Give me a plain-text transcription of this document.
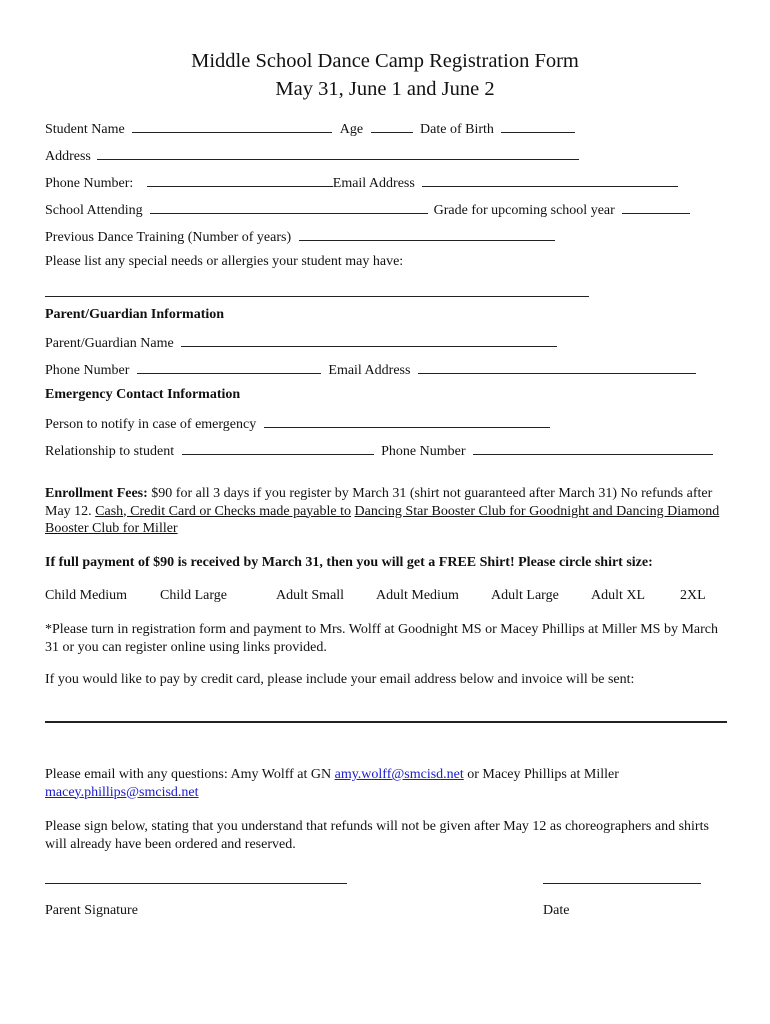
Middle School Dance Camp Registration Form
May 31, June 1 and June 2
Student Name	Age	Date of Birth
Address
Phone Number:	Email Address
School Attending	Grade for upcoming school year
Previous Dance Training (Number of years)
Please list any special needs or allergies your student may have:
Parent/Guardian Information
Parent/Guardian Name
Phone Number	Email Address
Emergency Contact Information
Person to notify in case of emergency
Relationship to student	Phone Number
Enrollment Fees: $90 for all 3 days if you register by March 31 (shirt not guaranteed after March 31) No refunds after May 12. Cash, Credit Card or Checks made payable to Dancing Star Booster Club for Goodnight and Dancing Diamond Booster Club for Miller
If full payment of $90 is received by March 31, then you will get a FREE Shirt! Please circle shirt size:
Child Medium Child Large	Adult Small Adult Medium Adult Large Adult XL 2XL
*Please turn in registration form and payment to Mrs. Wolff at Goodnight MS or Macey Phillips at Miller MS by March 31 or you can register online using links provided.
If you would like to pay by credit card, please include your email address below and invoice will be sent:
Please email with any questions: Amy Wolff at GN amy.wolff@smcisd.net or Macey Phillips at Miller
macey.phillips@smcisd.net
Please sign below, stating that you understand that refunds will not be given after May 12 as choreographers and shirts will already have been ordered and reserved.
Parent Signature	Date
